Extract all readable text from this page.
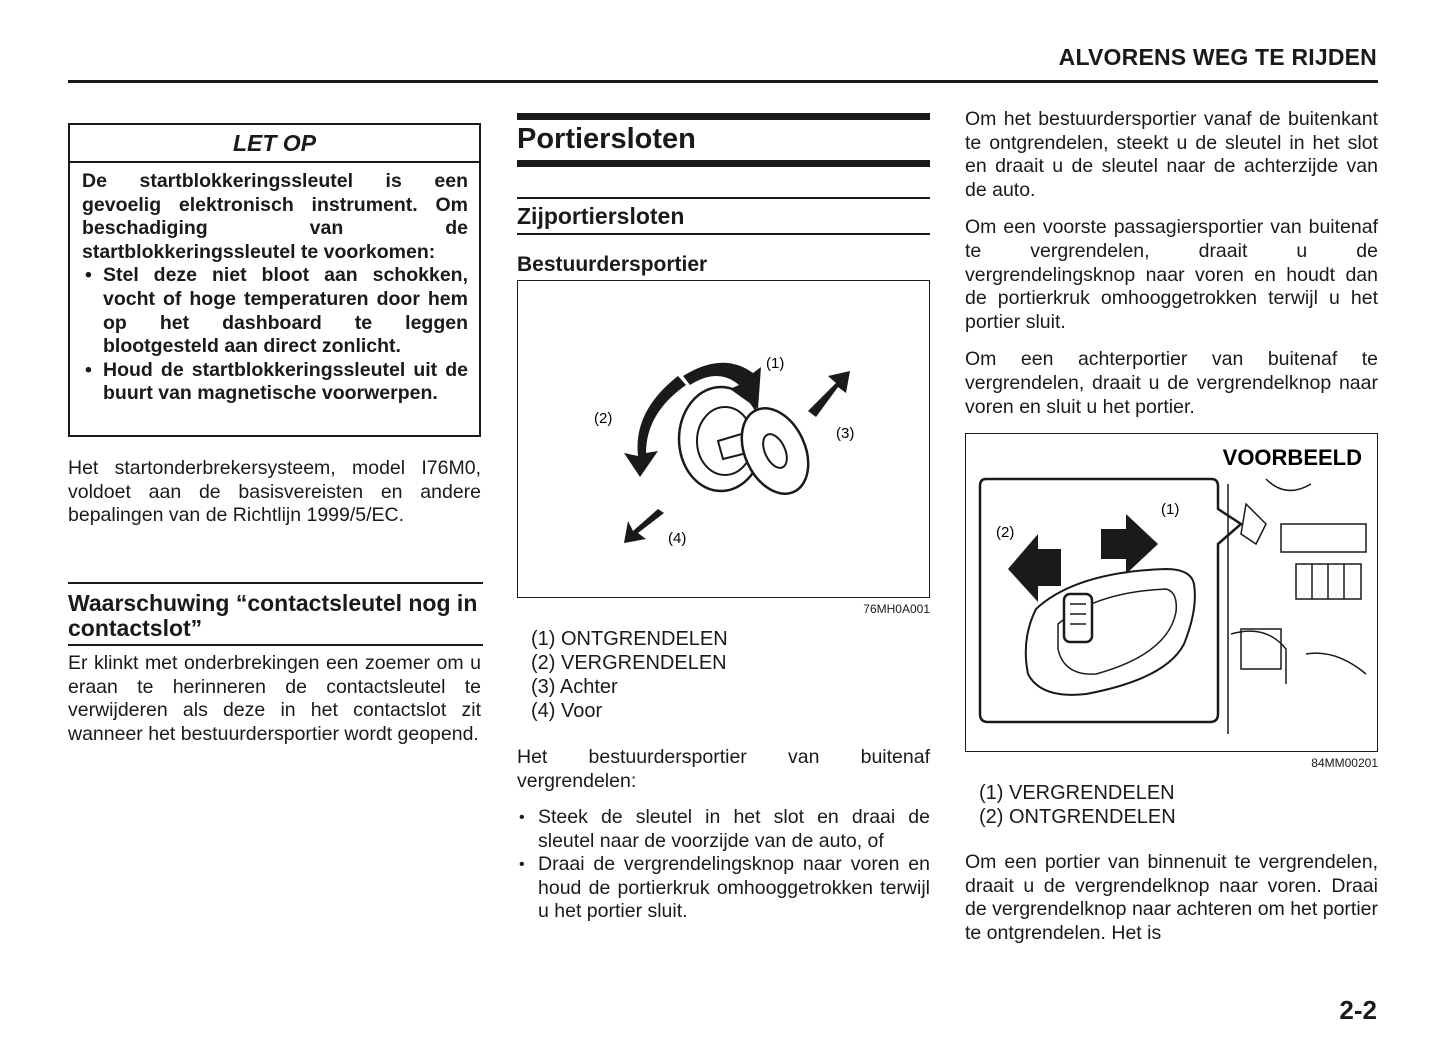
ALVORENS WEG TE RIJDEN
LET OP

De startblokkeringssleutel is een gevoelig elektronisch instrument. Om beschadiging van de startblokkeringssleutel te voorkomen:

• Stel deze niet bloot aan schokken, vocht of hoge temperaturen door hem op het dashboard te leggen blootgesteld aan direct zonlicht.
• Houd de startblokkeringssleutel uit de buurt van magnetische voorwerpen.

Het startonderbrekersysteem, model I76M0, voldoet aan de basisvereisten en andere bepalingen van de Richtlijn 1999/5/EC.

Waarschuwing “contactsleutel nog in contactslot”

Er klinkt met onderbrekingen een zoemer om u eraan te herinneren de contactsleutel te verwijderen als deze in het contactslot zit wanneer het bestuurdersportier wordt geopend.

Portiersloten
Zijportiersloten
Bestuurdersportier
(1)
(2)
(3)
(4)
76MH0A001
(1) ONTGRENDELEN
(2) VERGRENDELEN
(3) Achter
(4) Voor

Het bestuurdersportier van buitenaf vergrendelen:

• Steek de sleutel in het slot en draai de sleutel naar de voorzijde van de auto, of
• Draai de vergrendelingsknop naar voren en houd de portierkruk omhooggetrokken terwijl u het portier sluit.

Om het bestuurdersportier vanaf de buitenkant te ontgrendelen, steekt u de sleutel in het slot en draait u de sleutel naar de achterzijde van de auto.

Om een voorste passagiersportier van buitenaf te vergrendelen, draait u de vergrendelingsknop naar voren en houdt dan de portierkruk omhooggetrokken terwijl u het portier sluit.

Om een achterportier van buitenaf te vergrendelen, draait u de vergrendelknop naar voren en sluit u het portier.

VOORBEELD
(1)
(2)
84MM00201
(1) VERGRENDELEN
(2) ONTGRENDELEN

Om een portier van binnenuit te vergrendelen, draait u de vergrendelknop naar voren. Draai de vergrendelknop naar achteren om het portier te ontgrendelen. Het is

2-2
